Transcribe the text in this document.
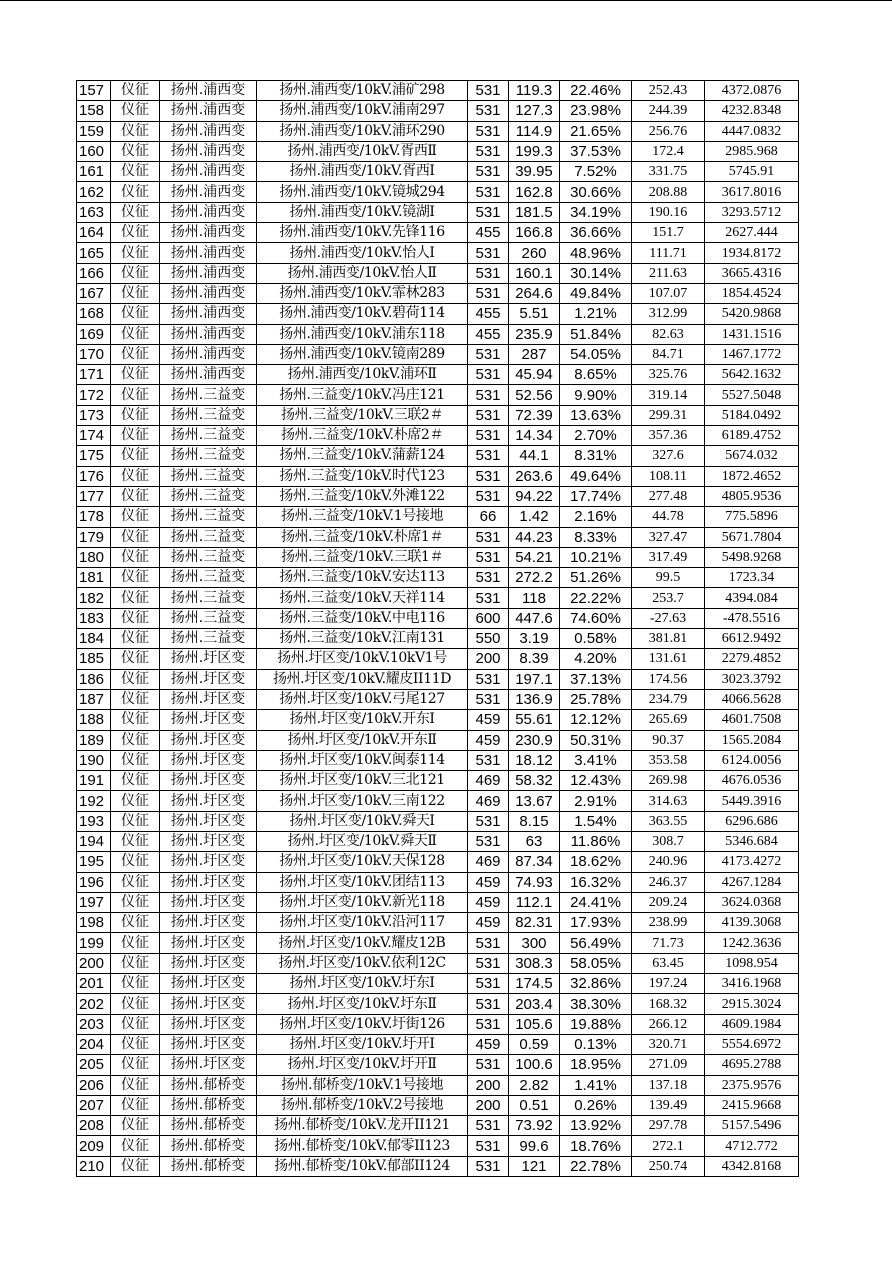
157	仪征	扬州.浦西变	扬州.浦西变/10kV.浦矿298	531	119.3	22.46%	252.43	4372.0876
158	仪征	扬州.浦西变	扬州.浦西变/10kV.浦南297	531	127.3	23.98%	244.39	4232.8348
159	仪征	扬州.浦西变	扬州.浦西变/10kV.浦环290	531	114.9	21.65%	256.76	4447.0832
160	仪征	扬州.浦西变	扬州.浦西变/10kV.胥西Ⅱ	531	199.3	37.53%	172.4	2985.968
161	仪征	扬州.浦西变	扬州.浦西变/10kV.胥西Ⅰ	531	39.95	7.52%	331.75	5745.91
162	仪征	扬州.浦西变	扬州.浦西变/10kV.镜城294	531	162.8	30.66%	208.88	3617.8016
163	仪征	扬州.浦西变	扬州.浦西变/10kV.镜湖Ⅰ	531	181.5	34.19%	190.16	3293.5712
164	仪征	扬州.浦西变	扬州.浦西变/10kV.先锋116	455	166.8	36.66%	151.7	2627.444
165	仪征	扬州.浦西变	扬州.浦西变/10kV.怡人Ⅰ	531	260	48.96%	111.71	1934.8172
166	仪征	扬州.浦西变	扬州.浦西变/10kV.怡人Ⅱ	531	160.1	30.14%	211.63	3665.4316
167	仪征	扬州.浦西变	扬州.浦西变/10kV.霏林283	531	264.6	49.84%	107.07	1854.4524
168	仪征	扬州.浦西变	扬州.浦西变/10kV.碧荷114	455	5.51	1.21%	312.99	5420.9868
169	仪征	扬州.浦西变	扬州.浦西变/10kV.浦东118	455	235.9	51.84%	82.63	1431.1516
170	仪征	扬州.浦西变	扬州.浦西变/10kV.镜南289	531	287	54.05%	84.71	1467.1772
171	仪征	扬州.浦西变	扬州.浦西变/10kV.浦环Ⅱ	531	45.94	8.65%	325.76	5642.1632
172	仪征	扬州.三益变	扬州.三益变/10kV.冯庄121	531	52.56	9.90%	319.14	5527.5048
173	仪征	扬州.三益变	扬州.三益变/10kV.三联2＃	531	72.39	13.63%	299.31	5184.0492
174	仪征	扬州.三益变	扬州.三益变/10kV.朴席2＃	531	14.34	2.70%	357.36	6189.4752
175	仪征	扬州.三益变	扬州.三益变/10kV.蒲薪124	531	44.1	8.31%	327.6	5674.032
176	仪征	扬州.三益变	扬州.三益变/10kV.时代123	531	263.6	49.64%	108.11	1872.4652
177	仪征	扬州.三益变	扬州.三益变/10kV.外滩122	531	94.22	17.74%	277.48	4805.9536
178	仪征	扬州.三益变	扬州.三益变/10kV.1号接地	66	1.42	2.16%	44.78	775.5896
179	仪征	扬州.三益变	扬州.三益变/10kV.朴席1＃	531	44.23	8.33%	327.47	5671.7804
180	仪征	扬州.三益变	扬州.三益变/10kV.三联1＃	531	54.21	10.21%	317.49	5498.9268
181	仪征	扬州.三益变	扬州.三益变/10kV.安达113	531	272.2	51.26%	99.5	1723.34
182	仪征	扬州.三益变	扬州.三益变/10kV.天祥114	531	118	22.22%	253.7	4394.084
183	仪征	扬州.三益变	扬州.三益变/10kV.中电116	600	447.6	74.60%	-27.63	-478.5516
184	仪征	扬州.三益变	扬州.三益变/10kV.江南131	550	3.19	0.58%	381.81	6612.9492
185	仪征	扬州.圩区变	扬州.圩区变/10kV.10kV1号	200	8.39	4.20%	131.61	2279.4852
186	仪征	扬州.圩区变	扬州.圩区变/10kV.耀皮II11D	531	197.1	37.13%	174.56	3023.3792
187	仪征	扬州.圩区变	扬州.圩区变/10kV.弓尾127	531	136.9	25.78%	234.79	4066.5628
188	仪征	扬州.圩区变	扬州.圩区变/10kV.开东Ⅰ	459	55.61	12.12%	265.69	4601.7508
189	仪征	扬州.圩区变	扬州.圩区变/10kV.开东Ⅱ	459	230.9	50.31%	90.37	1565.2084
190	仪征	扬州.圩区变	扬州.圩区变/10kV.闽泰114	531	18.12	3.41%	353.58	6124.0056
191	仪征	扬州.圩区变	扬州.圩区变/10kV.三北121	469	58.32	12.43%	269.98	4676.0536
192	仪征	扬州.圩区变	扬州.圩区变/10kV.三南122	469	13.67	2.91%	314.63	5449.3916
193	仪征	扬州.圩区变	扬州.圩区变/10kV.舜天Ⅰ	531	8.15	1.54%	363.55	6296.686
194	仪征	扬州.圩区变	扬州.圩区变/10kV.舜天Ⅱ	531	63	11.86%	308.7	5346.684
195	仪征	扬州.圩区变	扬州.圩区变/10kV.天保128	469	87.34	18.62%	240.96	4173.4272
196	仪征	扬州.圩区变	扬州.圩区变/10kV.团结113	459	74.93	16.32%	246.37	4267.1284
197	仪征	扬州.圩区变	扬州.圩区变/10kV.新光118	459	112.1	24.41%	209.24	3624.0368
198	仪征	扬州.圩区变	扬州.圩区变/10kV.沿河117	459	82.31	17.93%	238.99	4139.3068
199	仪征	扬州.圩区变	扬州.圩区变/10kV.耀皮12B	531	300	56.49%	71.73	1242.3636
200	仪征	扬州.圩区变	扬州.圩区变/10kV.依利12C	531	308.3	58.05%	63.45	1098.954
201	仪征	扬州.圩区变	扬州.圩区变/10kV.圩东Ⅰ	531	174.5	32.86%	197.24	3416.1968
202	仪征	扬州.圩区变	扬州.圩区变/10kV.圩东Ⅱ	531	203.4	38.30%	168.32	2915.3024
203	仪征	扬州.圩区变	扬州.圩区变/10kV.圩街126	531	105.6	19.88%	266.12	4609.1984
204	仪征	扬州.圩区变	扬州.圩区变/10kV.圩开Ⅰ	459	0.59	0.13%	320.71	5554.6972
205	仪征	扬州.圩区变	扬州.圩区变/10kV.圩开Ⅱ	531	100.6	18.95%	271.09	4695.2788
206	仪征	扬州.郁桥变	扬州.郁桥变/10kV.1号接地	200	2.82	1.41%	137.18	2375.9576
207	仪征	扬州.郁桥变	扬州.郁桥变/10kV.2号接地	200	0.51	0.26%	139.49	2415.9668
208	仪征	扬州.郁桥变	扬州.郁桥变/10kV.龙开II121	531	73.92	13.92%	297.78	5157.5496
209	仪征	扬州.郁桥变	扬州.郁桥变/10kV.郁零II123	531	99.6	18.76%	272.1	4712.772
210	仪征	扬州.郁桥变	扬州.郁桥变/10kV.郁部II124	531	121	22.78%	250.74	4342.8168
